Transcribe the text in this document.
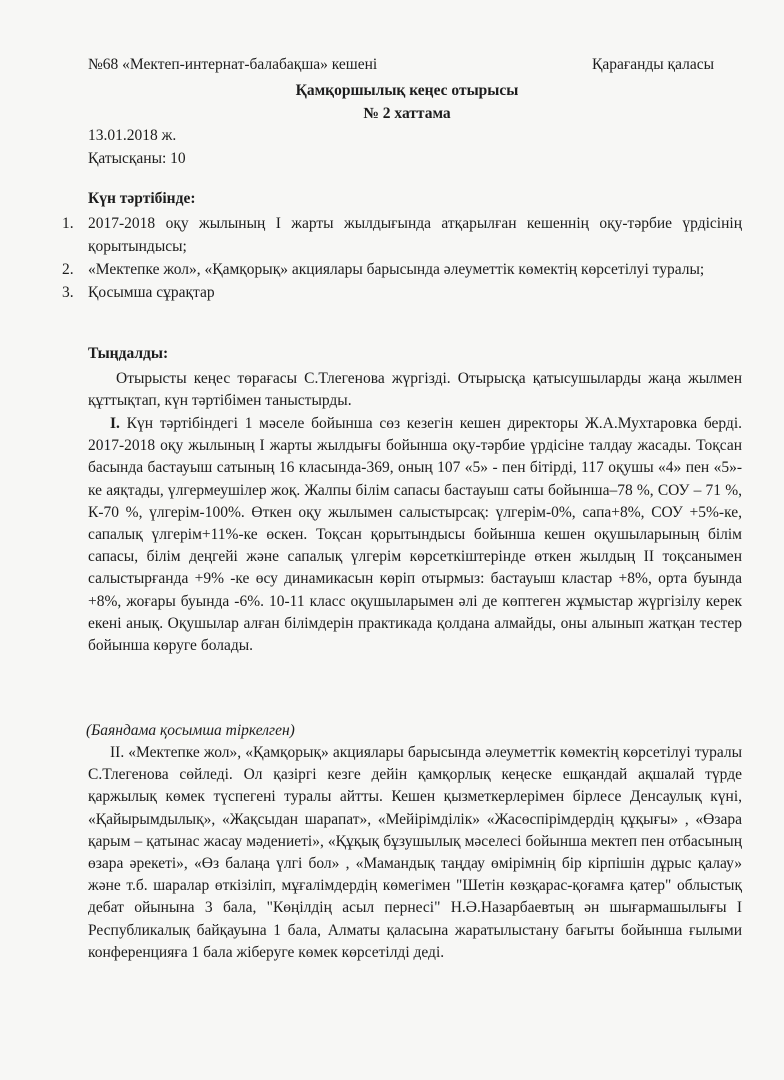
№68 «Мектеп-интернат-балабақша» кешені	Қарағанды қаласы
Қамқоршылық кеңес отырысы
№ 2 хаттама
13.01.2018 ж.
Қатысқаны: 10
Күн тәртібінде:
1. 2017-2018 оқу жылының I жарты жылдығында атқарылған кешеннің оқу-тәрбие үрдісінің қорытындысы;
2. «Мектепке жол», «Қамқорық» акциялары барысында әлеуметтік көмектің көрсетілуі туралы;
3. Қосымша сұрақтар
Тыңдалды:
Отырысты кеңес төрағасы С.Тлегенова жүргізді. Отырысқа қатысушыларды жаңа жылмен құттықтап, күн тәртібімен таныстырды.
I. Күн тәртібіндегі 1 мәселе бойынша сөз кезегін кешен директоры Ж.А.Мухтаровка берді. 2017-2018 оқу жылының I жарты жылдығы бойынша оқу-тәрбие үрдісіне талдау жасады. Тоқсан басында бастауыш сатының 16 класында-369, оның 107 «5» - пен бітірді, 117 оқушы «4» пен «5»-ке аяқтады, үлгермеушілер жоқ. Жалпы білім сапасы бастауыш саты бойынша–78 %, СОУ – 71 %, К-70 %, үлгерім-100%. Өткен оқу жылымен салыстырсақ: үлгерім-0%, сапа+8%, СОУ +5%-ке, сапалық үлгерім+11%-ке өскен. Тоқсан қорытындысы бойынша кешен оқушыларының білім сапасы, білім деңгейі және сапалық үлгерім көрсеткіштерінде өткен жылдың II тоқсанымен салыстырғанда +9% -ке өсу динамикасын көріп отырмыз: бастауыш кластар +8%, орта буында +8%, жоғары буында -6%. 10-11 класс оқушыларымен әлі де көптеген жұмыстар жүргізілу керек екені анық. Оқушылар алған білімдерін практикада қолдана алмайды, оны алынып жатқан тестер бойынша көруге болады.
(Баяндама қосымша тіркелген)
II. «Мектепке жол», «Қамқорық» акциялары барысында әлеуметтік көмектің көрсетілуі туралы С.Тлегенова сөйледі. Ол қазіргі кезге дейін қамқорлық кеңеске ешқандай ақшалай түрде қаржылық көмек түспегені туралы айтты. Кешен қызметкерлерімен бірлесе Денсаулық күні, «Қайырымдылық», «Жақсыдан шарапат», «Мейірімділік» «Жасөспірімдердің құқығы» , «Өзара қарым – қатынас жасау мәдениеті», «Құқық бұзушылық мәселесі бойынша мектеп пен отбасының өзара әрекеті», «Өз балаңа үлгі бол» , «Мамандық таңдау өмірімнің бір кірпішін дұрыс қалау» және т.б. шаралар өткізіліп, мұғалімдердің көмегімен "Шетін көзқарас-қоғамға қатер" облыстық дебат ойынына 3 бала, "Көңілдің асыл пернесі" Н.Ә.Назарбаевтың ән шығармашылығы I Республикалық байқауына 1 бала, Алматы қаласына жаратылыстану бағыты бойынша ғылыми конференцияға 1 бала жіберуге көмек көрсетілді деді.
